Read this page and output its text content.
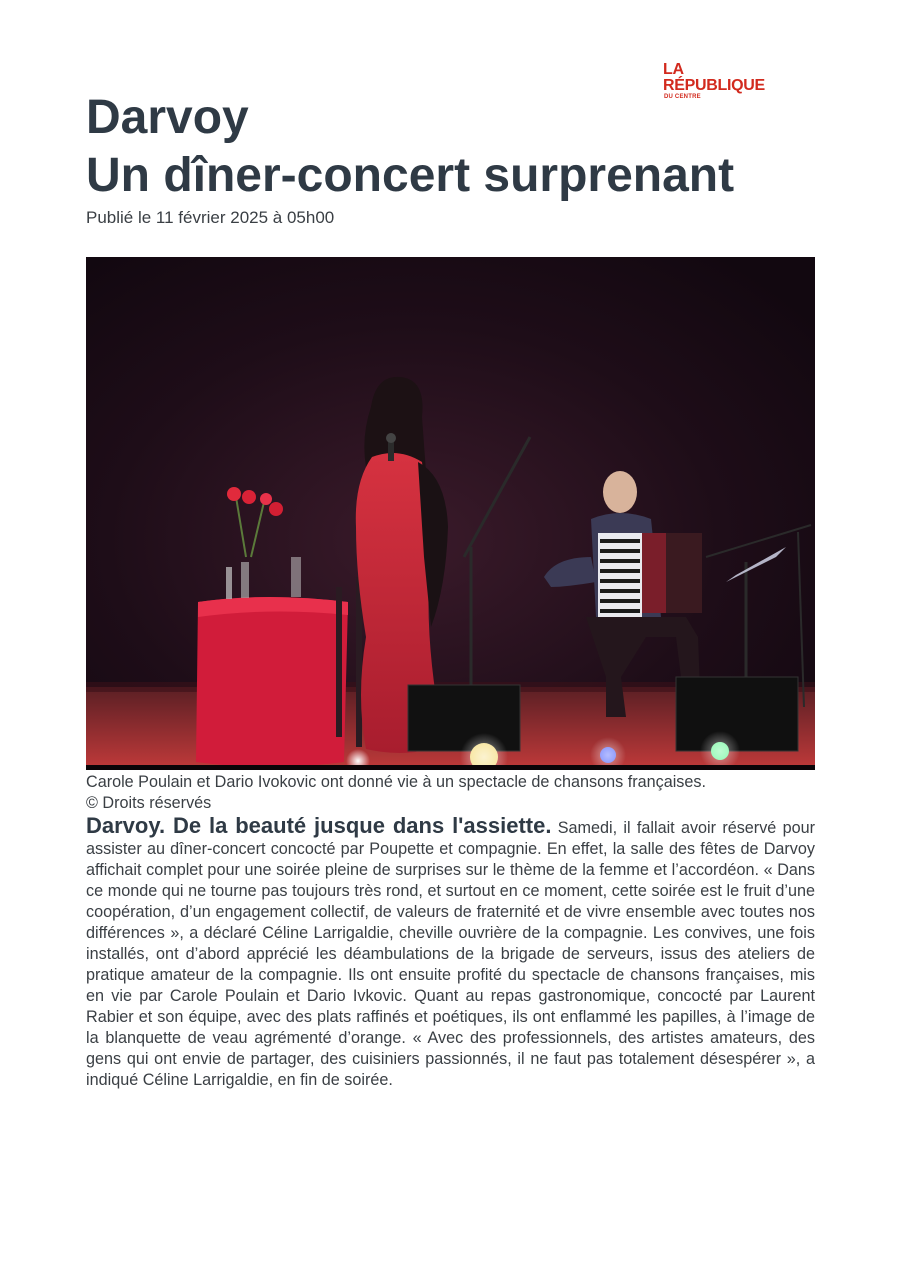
LA RÉPUBLIQUE
DU CENTRE
Darvoy
Un dîner-concert surprenant
Publié le 11 février 2025 à 05h00
Carole Poulain et Dario Ivokovic ont donné vie à un spectacle de chansons françaises.
© Droits réservés

Darvoy. De la beauté jusque dans l'assiette. Samedi, il fallait avoir réservé pour assister au dîner-concert concocté par Poupette et compagnie. En effet, la salle des fêtes de Darvoy affichait complet pour une soirée pleine de surprises sur le thème de la femme et l’accordéon. « Dans ce monde qui ne tourne pas toujours très rond, et surtout en ce moment, cette soirée est le fruit d’une coopération, d’un engagement collectif, de valeurs de fraternité et de vivre ensemble avec toutes nos différences », a déclaré Céline Larrigaldie, cheville ouvrière de la compagnie. Les convives, une fois installés, ont d’abord apprécié les déambulations de la brigade de serveurs, issus des ateliers de pratique amateur de la compagnie. Ils ont ensuite profité du spectacle de chansons françaises, mis en vie par Carole Poulain et Dario Ivkovic. Quant au repas gastronomique, concocté par Laurent Rabier et son équipe, avec des plats raffinés et poétiques, ils ont enflammé les papilles, à l’image de la blanquette de veau agrémenté d’orange. « Avec des professionnels, des artistes amateurs, des gens qui ont envie de partager, des cuisiniers passionnés, il ne faut pas totalement désespérer », a indiqué Céline Larrigaldie, en fin de soirée.
